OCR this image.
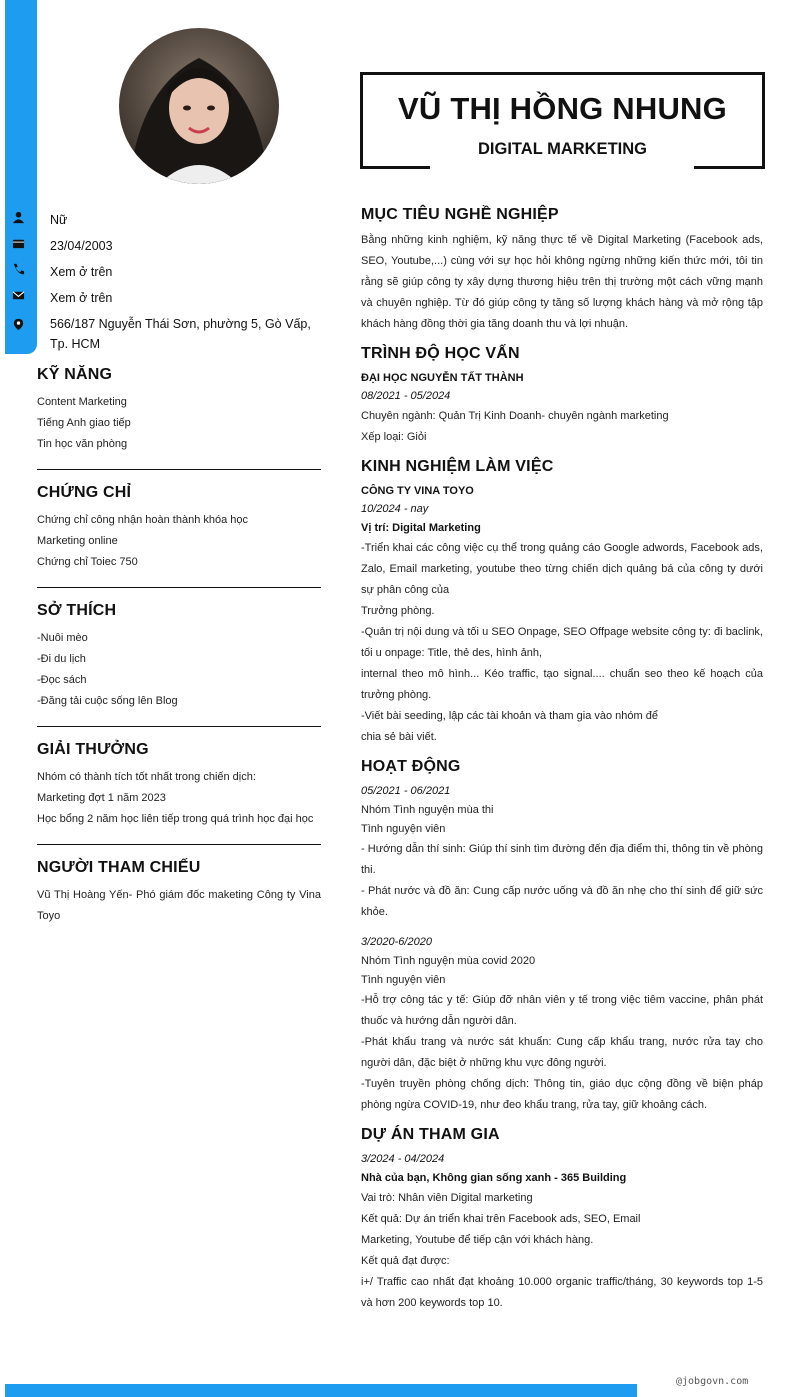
Nữ
23/04/2003
Xem ở trên
Xem ở trên
566/187 Nguyễn Thái Sơn, phường 5, Gò Vấp, Tp. HCM
KỸ NĂNG
Content Marketing
Tiếng Anh giao tiếp
Tin học văn phòng
CHỨNG CHỈ
Chứng chỉ công nhận hoàn thành khóa học
Marketing online
Chứng chỉ Toiec 750
SỞ THÍCH
-Nuôi mèo
-Đi du lịch
-Đọc sách
-Đăng tải cuộc sống lên Blog
GIẢI THƯỞNG
Nhóm có thành tích tốt nhất trong chiến dịch:
Marketing đợt 1 năm 2023
Học bổng 2 năm học liên tiếp trong quá trình học đại học
NGƯỜI THAM CHIẾU
Vũ Thị Hoàng Yến- Phó giám đốc maketing Công ty Vina Toyo
VŨ THỊ HỒNG NHUNG
DIGITAL MARKETING
MỤC TIÊU NGHỀ NGHIỆP
Bằng những kinh nghiệm, kỹ năng thực tế về Digital Marketing (Facebook ads, SEO, Youtube,...) cùng với sự học hỏi không ngừng những kiến thức mới, tôi tin rằng sẽ giúp công ty xây dựng thương hiệu trên thị trường một cách vững mạnh và chuyên nghiệp. Từ đó giúp công ty tăng số lượng khách hàng và mở rộng tập khách hàng đồng thời gia tăng doanh thu và lợi nhuận.
TRÌNH ĐỘ HỌC VẤN
ĐẠI HỌC NGUYỄN TẤT THÀNH
08/2021 - 05/2024
Chuyên ngành: Quản Trị Kinh Doanh- chuyên ngành marketing
Xếp loại: Giỏi
KINH NGHIỆM LÀM VIỆC
CÔNG TY VINA TOYO
10/2024 - nay
Vị trí: Digital Marketing
-Triển khai các công việc cụ thể trong quảng cáo Google adwords, Facebook ads, Zalo, Email marketing, youtube theo từng chiến dịch quảng bá của công ty dưới sự phân công của
Trưởng phòng.
-Quản trị nội dung và tối u SEO Onpage, SEO Offpage website công ty: đi baclink, tối u onpage: Title, thẻ des, hình ảnh,
internal theo mô hình... Kéo traffic, tạo signal.... chuẩn seo theo kế hoạch của trưởng phòng.
-Viết bài seeding, lập các tài khoản và tham gia vào nhóm để
chia sẻ bài viết.
HOẠT ĐỘNG
05/2021 - 06/2021
Nhóm Tình nguyện mùa thi
Tình nguyện viên
- Hướng dẫn thí sinh: Giúp thí sinh tìm đường đến địa điểm thi, thông tin về phòng thi.
- Phát nước và đồ ăn: Cung cấp nước uống và đồ ăn nhẹ cho thí sinh để giữ sức khỏe.
3/2020-6/2020
Nhóm Tình nguyện mùa covid 2020
Tình nguyện viên
-Hỗ trợ công tác y tế: Giúp đỡ nhân viên y tế trong việc tiêm vaccine, phân phát thuốc và hướng dẫn người dân.
-Phát khẩu trang và nước sát khuẩn: Cung cấp khẩu trang, nước rửa tay cho người dân, đặc biệt ở những khu vực đông người.
-Tuyên truyền phòng chống dịch: Thông tin, giáo dục cộng đồng về biện pháp phòng ngừa COVID-19, như đeo khẩu trang, rửa tay, giữ khoảng cách.
DỰ ÁN THAM GIA
3/2024 - 04/2024
Nhà của bạn, Không gian sống xanh - 365 Building
Vai trò: Nhân viên Digital marketing
Kết quả: Dự án triển khai trên Facebook ads, SEO, Email
Marketing, Youtube để tiếp cận với khách hàng.
Kết quả đạt được:
i+/ Traffic cao nhất đạt khoảng 10.000 organic traffic/tháng, 30 keywords top 1-5 và hơn 200 keywords top 10.
@jobgovn.com
